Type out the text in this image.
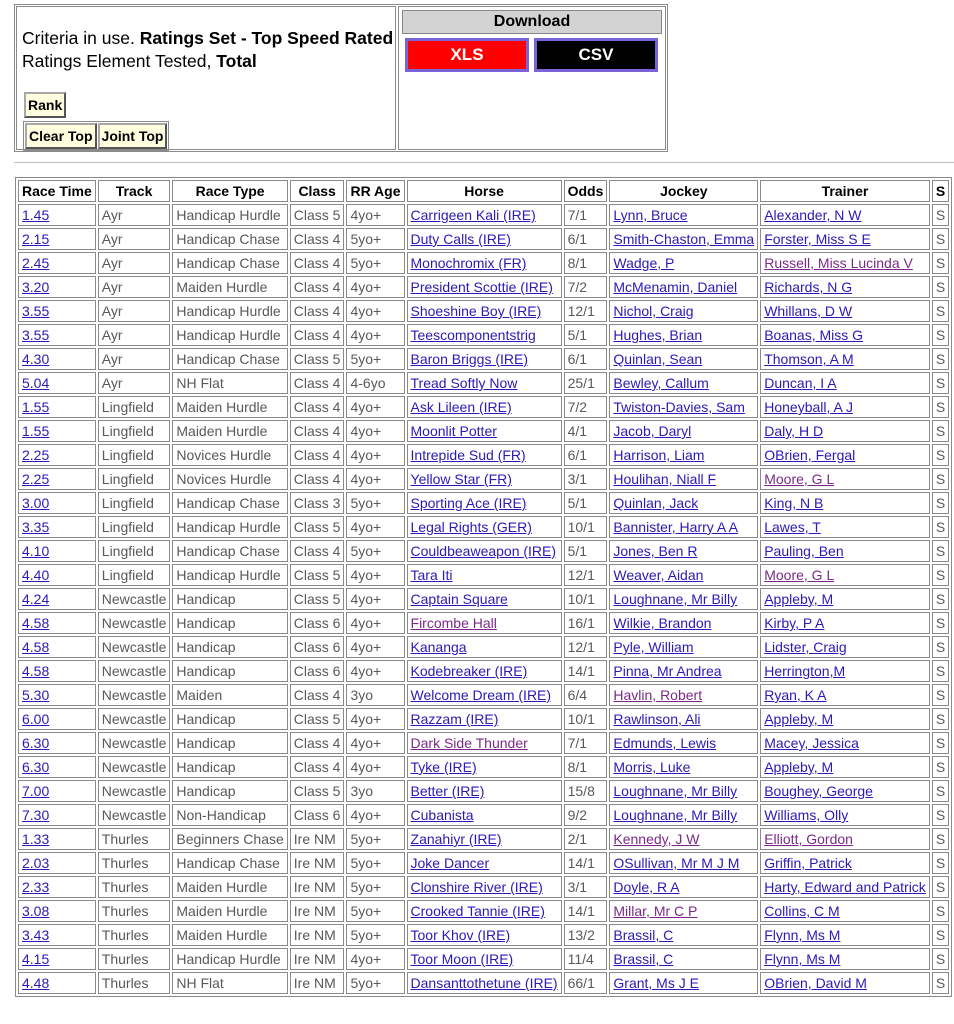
Criteria in use. Ratings Set - Top Speed Rated
Ratings Element Tested, Total
Rank
Clear Top Joint Top
Download
XLS	CSV
Race Time	Track	Race Type	Class	RR Age	Horse	Odds	Jockey	Trainer	S
1.45	Ayr	Handicap Hurdle	Class 5	4yo+	Carrigeen Kali (IRE)	7/1	Lynn, Bruce	Alexander, N W	S
2.15	Ayr	Handicap Chase	Class 4	5yo+	Duty Calls (IRE)	6/1	Smith-Chaston, Emma	Forster, Miss S E	S
2.45	Ayr	Handicap Chase	Class 4	5yo+	Monochromix (FR)	8/1	Wadge, P	Russell, Miss Lucinda V	S
3.20	Ayr	Maiden Hurdle	Class 4	4yo+	President Scottie (IRE)	7/2	McMenamin, Daniel	Richards, N G	S
3.55	Ayr	Handicap Hurdle	Class 4	4yo+	Shoeshine Boy (IRE)	12/1	Nichol, Craig	Whillans, D W	S
3.55	Ayr	Handicap Hurdle	Class 4	4yo+	Teescomponentstrig	5/1	Hughes, Brian	Boanas, Miss G	S
4.30	Ayr	Handicap Chase	Class 5	5yo+	Baron Briggs (IRE)	6/1	Quinlan, Sean	Thomson, A M	S
5.04	Ayr	NH Flat	Class 4	4-6yo	Tread Softly Now	25/1	Bewley, Callum	Duncan, I A	S
1.55	Lingfield	Maiden Hurdle	Class 4	4yo+	Ask Lileen (IRE)	7/2	Twiston-Davies, Sam	Honeyball, A J	S
1.55	Lingfield	Maiden Hurdle	Class 4	4yo+	Moonlit Potter	4/1	Jacob, Daryl	Daly, H D	S
2.25	Lingfield	Novices Hurdle	Class 4	4yo+	Intrepide Sud (FR)	6/1	Harrison, Liam	OBrien, Fergal	S
2.25	Lingfield	Novices Hurdle	Class 4	4yo+	Yellow Star (FR)	3/1	Houlihan, Niall F	Moore, G L	S
3.00	Lingfield	Handicap Chase	Class 3	5yo+	Sporting Ace (IRE)	5/1	Quinlan, Jack	King, N B	S
3.35	Lingfield	Handicap Hurdle	Class 5	4yo+	Legal Rights (GER)	10/1	Bannister, Harry A A	Lawes, T	S
4.10	Lingfield	Handicap Chase	Class 4	5yo+	Couldbeaweapon (IRE)	5/1	Jones, Ben R	Pauling, Ben	S
4.40	Lingfield	Handicap Hurdle	Class 5	4yo+	Tara Iti	12/1	Weaver, Aidan	Moore, G L	S
4.24	Newcastle	Handicap	Class 5	4yo+	Captain Square	10/1	Loughnane, Mr Billy	Appleby, M	S
4.58	Newcastle	Handicap	Class 6	4yo+	Fircombe Hall	16/1	Wilkie, Brandon	Kirby, P A	S
4.58	Newcastle	Handicap	Class 6	4yo+	Kananga	12/1	Pyle, William	Lidster, Craig	S
4.58	Newcastle	Handicap	Class 6	4yo+	Kodebreaker (IRE)	14/1	Pinna, Mr Andrea	Herrington,M	S
5.30	Newcastle	Maiden	Class 4	3yo	Welcome Dream (IRE)	6/4	Havlin, Robert	Ryan, K A	S
6.00	Newcastle	Handicap	Class 5	4yo+	Razzam (IRE)	10/1	Rawlinson, Ali	Appleby, M	S
6.30	Newcastle	Handicap	Class 4	4yo+	Dark Side Thunder	7/1	Edmunds, Lewis	Macey, Jessica	S
6.30	Newcastle	Handicap	Class 4	4yo+	Tyke (IRE)	8/1	Morris, Luke	Appleby, M	S
7.00	Newcastle	Handicap	Class 5	3yo	Better (IRE)	15/8	Loughnane, Mr Billy	Boughey, George	S
7.30	Newcastle	Non-Handicap	Class 6	4yo+	Cubanista	9/2	Loughnane, Mr Billy	Williams, Olly	S
1.33	Thurles	Beginners Chase	Ire NM	5yo+	Zanahiyr (IRE)	2/1	Kennedy, J W	Elliott, Gordon	S
2.03	Thurles	Handicap Chase	Ire NM	5yo+	Joke Dancer	14/1	OSullivan, Mr M J M	Griffin, Patrick	S
2.33	Thurles	Maiden Hurdle	Ire NM	5yo+	Clonshire River (IRE)	3/1	Doyle, R A	Harty, Edward and Patrick	S
3.08	Thurles	Maiden Hurdle	Ire NM	5yo+	Crooked Tannie (IRE)	14/1	Millar, Mr C P	Collins, C M	S
3.43	Thurles	Maiden Hurdle	Ire NM	5yo+	Toor Khov (IRE)	13/2	Brassil, C	Flynn, Ms M	S
4.15	Thurles	Handicap Hurdle	Ire NM	4yo+	Toor Moon (IRE)	11/4	Brassil, C	Flynn, Ms M	S
4.48	Thurles	NH Flat	Ire NM	5yo+	Dansanttothetune (IRE)	66/1	Grant, Ms J E	OBrien, David M	S
